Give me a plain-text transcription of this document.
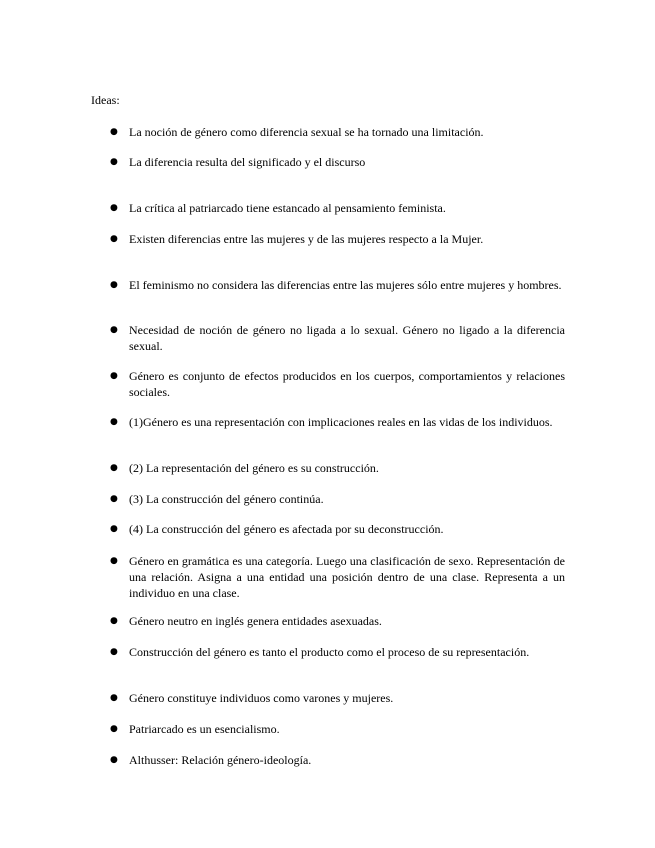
Ideas:

● La noción de género como diferencia sexual se ha tornado una limitación.
● La diferencia resulta del significado y el discurso
● La crítica al patriarcado tiene estancado al pensamiento feminista.
● Existen diferencias entre las mujeres y de las mujeres respecto a la Mujer.
● El feminismo no considera las diferencias entre las mujeres sólo entre mujeres y hombres.
● Necesidad de noción de género no ligada a lo sexual. Género no ligado a la diferencia sexual.
● Género es conjunto de efectos producidos en los cuerpos, comportamientos y relaciones sociales.
● (1)Género es una representación con implicaciones reales en las vidas de los individuos.
● (2) La representación del género es su construcción.
● (3) La construcción del género continúa.
● (4) La construcción del género es afectada por su deconstrucción.
● Género en gramática es una categoría. Luego una clasificación de sexo. Representación de una relación. Asigna a una entidad una posición dentro de una clase. Representa a un individuo en una clase.
● Género neutro en inglés genera entidades asexuadas.
● Construcción del género es tanto el producto como el proceso de su representación.
● Género constituye individuos como varones y mujeres.
● Patriarcado es un esencialismo.
● Althusser: Relación género-ideología.
